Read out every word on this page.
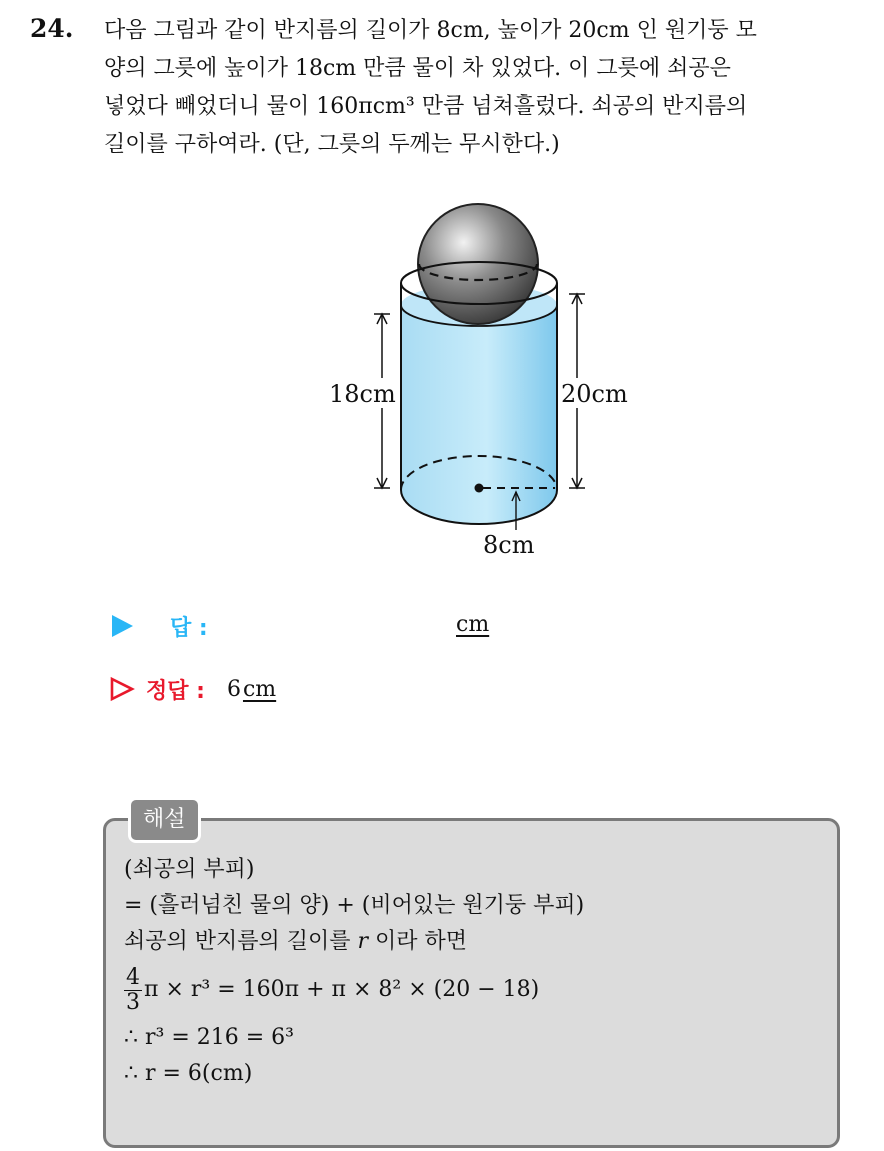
24. 다음 그림과 같이 반지름의 길이가 8cm, 높이가 20cm 인 원기둥 모
양의 그릇에 높이가 18cm 만큼 물이 차 있었다. 이 그릇에 쇠공은
넣었다 빼었더니 물이 160πcm³ 만큼 넘쳐흘렀다. 쇠공의 반지름의
길이를 구하여라. (단, 그릇의 두께는 무시한다.)
18cm	20cm
8cm
답 :	cm
정답 : 6 cm
해설
(쇠공의 부피)
= (흘러넘친 물의 양) + (비어있는 원기둥 부피)
쇠공의 반지름의 길이를 r 이라 하면
$\frac{4}{3}$ π × r³ = 160π + π × 8² × (20 − 18)
∴ r³ = 216 = 6³
∴ r = 6(cm)
